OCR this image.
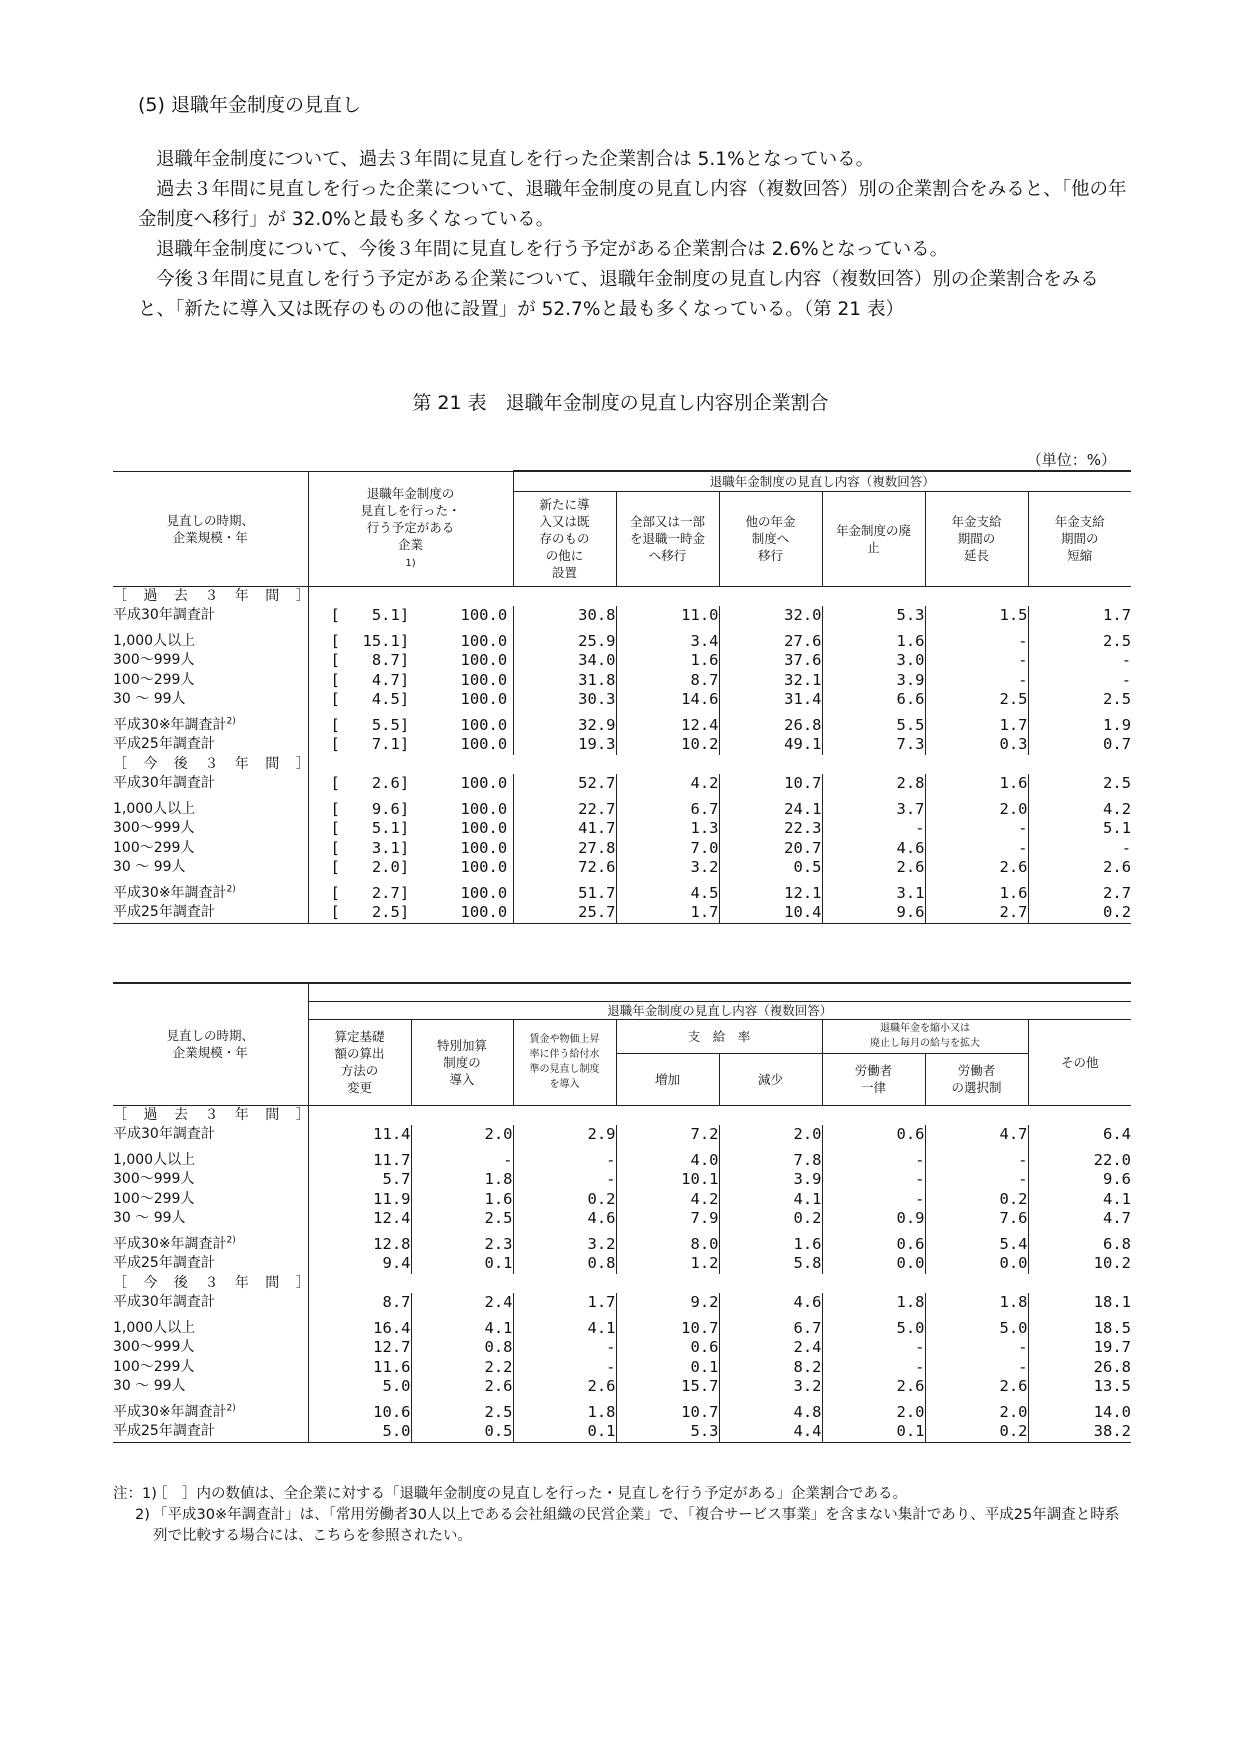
(5) 退職年金制度の見直し

退職年金制度について、過去３年間に見直しを行った企業割合は 5.1%となっている。

過去３年間に見直しを行った企業について、退職年金制度の見直し内容（複数回答）別の企業割合をみると、「他の年金制度へ移行」が 32.0%と最も多くなっている。

退職年金制度について、今後３年間に見直しを行う予定がある企業割合は 2.6%となっている。

今後３年間に見直しを行う予定がある企業について、退職年金制度の見直し内容（複数回答）別の企業割合をみると、「新たに導入又は既存のものの他に設置」が 52.7%と最も多くなっている。（第 21 表）

第 21 表　退職年金制度の見直し内容別企業割合
（単位：%）
見直しの時期、
企業規模・年	退職年金制度の
見直しを行った・
行う予定がある
企業
1)	退職年金制度の見直し内容（複数回答）					
		新たに導
入又は既
存のもの
の他に
設置	全部又は一部
を退職一時金
へ移行	他の年金
制度へ
移行	年金制度の廃
止	年金支給
期間の
延長	年金支給
期間の
短縮
［ 過 去 ３ 年 間 ］							
平成30年調査計	[ 5.1] 100.0	30.8	11.0	32.0	5.3	1.5	1.7
1,000人以上	[ 15.1] 100.0	25.9	3.4	27.6	1.6	-	2.5
300～999人	[ 8.7] 100.0	34.0	1.6	37.6	3.0	-	-
100～299人	[ 4.7] 100.0	31.8	8.7	32.1	3.9	-	-
30 ～ 99人	[ 4.5] 100.0	30.3	14.6	31.4	6.6	2.5	2.5
平成30※年調査計$^{2)}$	[ 5.5] 100.0	32.9	12.4	26.8	5.5	1.7	1.9
平成25年調査計	[ 7.1] 100.0	19.3	10.2	49.1	7.3	0.3	0.7
［ 今 後 ３ 年 間 ］							
平成30年調査計	[ 2.6] 100.0	52.7	4.2	10.7	2.8	1.6	2.5
1,000人以上	[ 9.6] 100.0	22.7	6.7	24.1	3.7	2.0	4.2
300～999人	[ 5.1] 100.0	41.7	1.3	22.3	-	-	5.1
100～299人	[ 3.1] 100.0	27.8	7.0	20.7	4.6	-	-
30 ～ 99人	[ 2.0] 100.0	72.6	3.2	0.5	2.6	2.6	2.6
平成30※年調査計$^{2)}$	[ 2.7] 100.0	51.7	4.5	12.1	3.1	1.6	2.7
平成25年調査計	[ 2.5] 100.0	25.7	1.7	10.4	9.6	2.7	0.2
見直しの時期、
企業規模・年								
	退職年金制度の見直し内容（複数回答）							
	算定基礎
額の算出
方法の
変更	特別加算
制度の
導入	賃金や物価上昇
率に伴う給付水
準の見直し制度
を導入	支　給　率		退職年金を縮小又は
廃止し毎月の給与を拡大		その他
				増加	減少	労働者
一律	労働者
の選択制	
［ 過 去 ３ 年 間 ］								
平成30年調査計	11.4	2.0	2.9	7.2	2.0	0.6	4.7	6.4
1,000人以上	11.7	-	-	4.0	7.8	-	-	22.0
300～999人	5.7	1.8	-	10.1	3.9	-	-	9.6
100～299人	11.9	1.6	0.2	4.2	4.1	-	0.2	4.1
30 ～ 99人	12.4	2.5	4.6	7.9	0.2	0.9	7.6	4.7
平成30※年調査計$^{2)}$	12.8	2.3	3.2	8.0	1.6	0.6	5.4	6.8
平成25年調査計	9.4	0.1	0.8	1.2	5.8	0.0	0.0	10.2
［ 今 後 ３ 年 間 ］								
平成30年調査計	8.7	2.4	1.7	9.2	4.6	1.8	1.8	18.1
1,000人以上	16.4	4.1	4.1	10.7	6.7	5.0	5.0	18.5
300～999人	12.7	0.8	-	0.6	2.4	-	-	19.7
100～299人	11.6	2.2	-	0.1	8.2	-	-	26.8
30 ～ 99人	5.0	2.6	2.6	15.7	3.2	2.6	2.6	13.5
平成30※年調査計$^{2)}$	10.6	2.5	1.8	10.7	4.8	2.0	2.0	14.0
平成25年調査計	5.0	0.5	0.1	5.3	4.4	0.1	0.2	38.2
注：1)
［　］内の数値は、全企業に対する「退職年金制度の見直しを行った・見直しを行う予定がある」企業割合である。
2) 「平成30※年調査計」は、「常用労働者30人以上である会社組織の民営企業」で、「複合サービス事業」を含まない集計であり、平成25年調査と時系列で比較する場合には、こちらを参照されたい。
